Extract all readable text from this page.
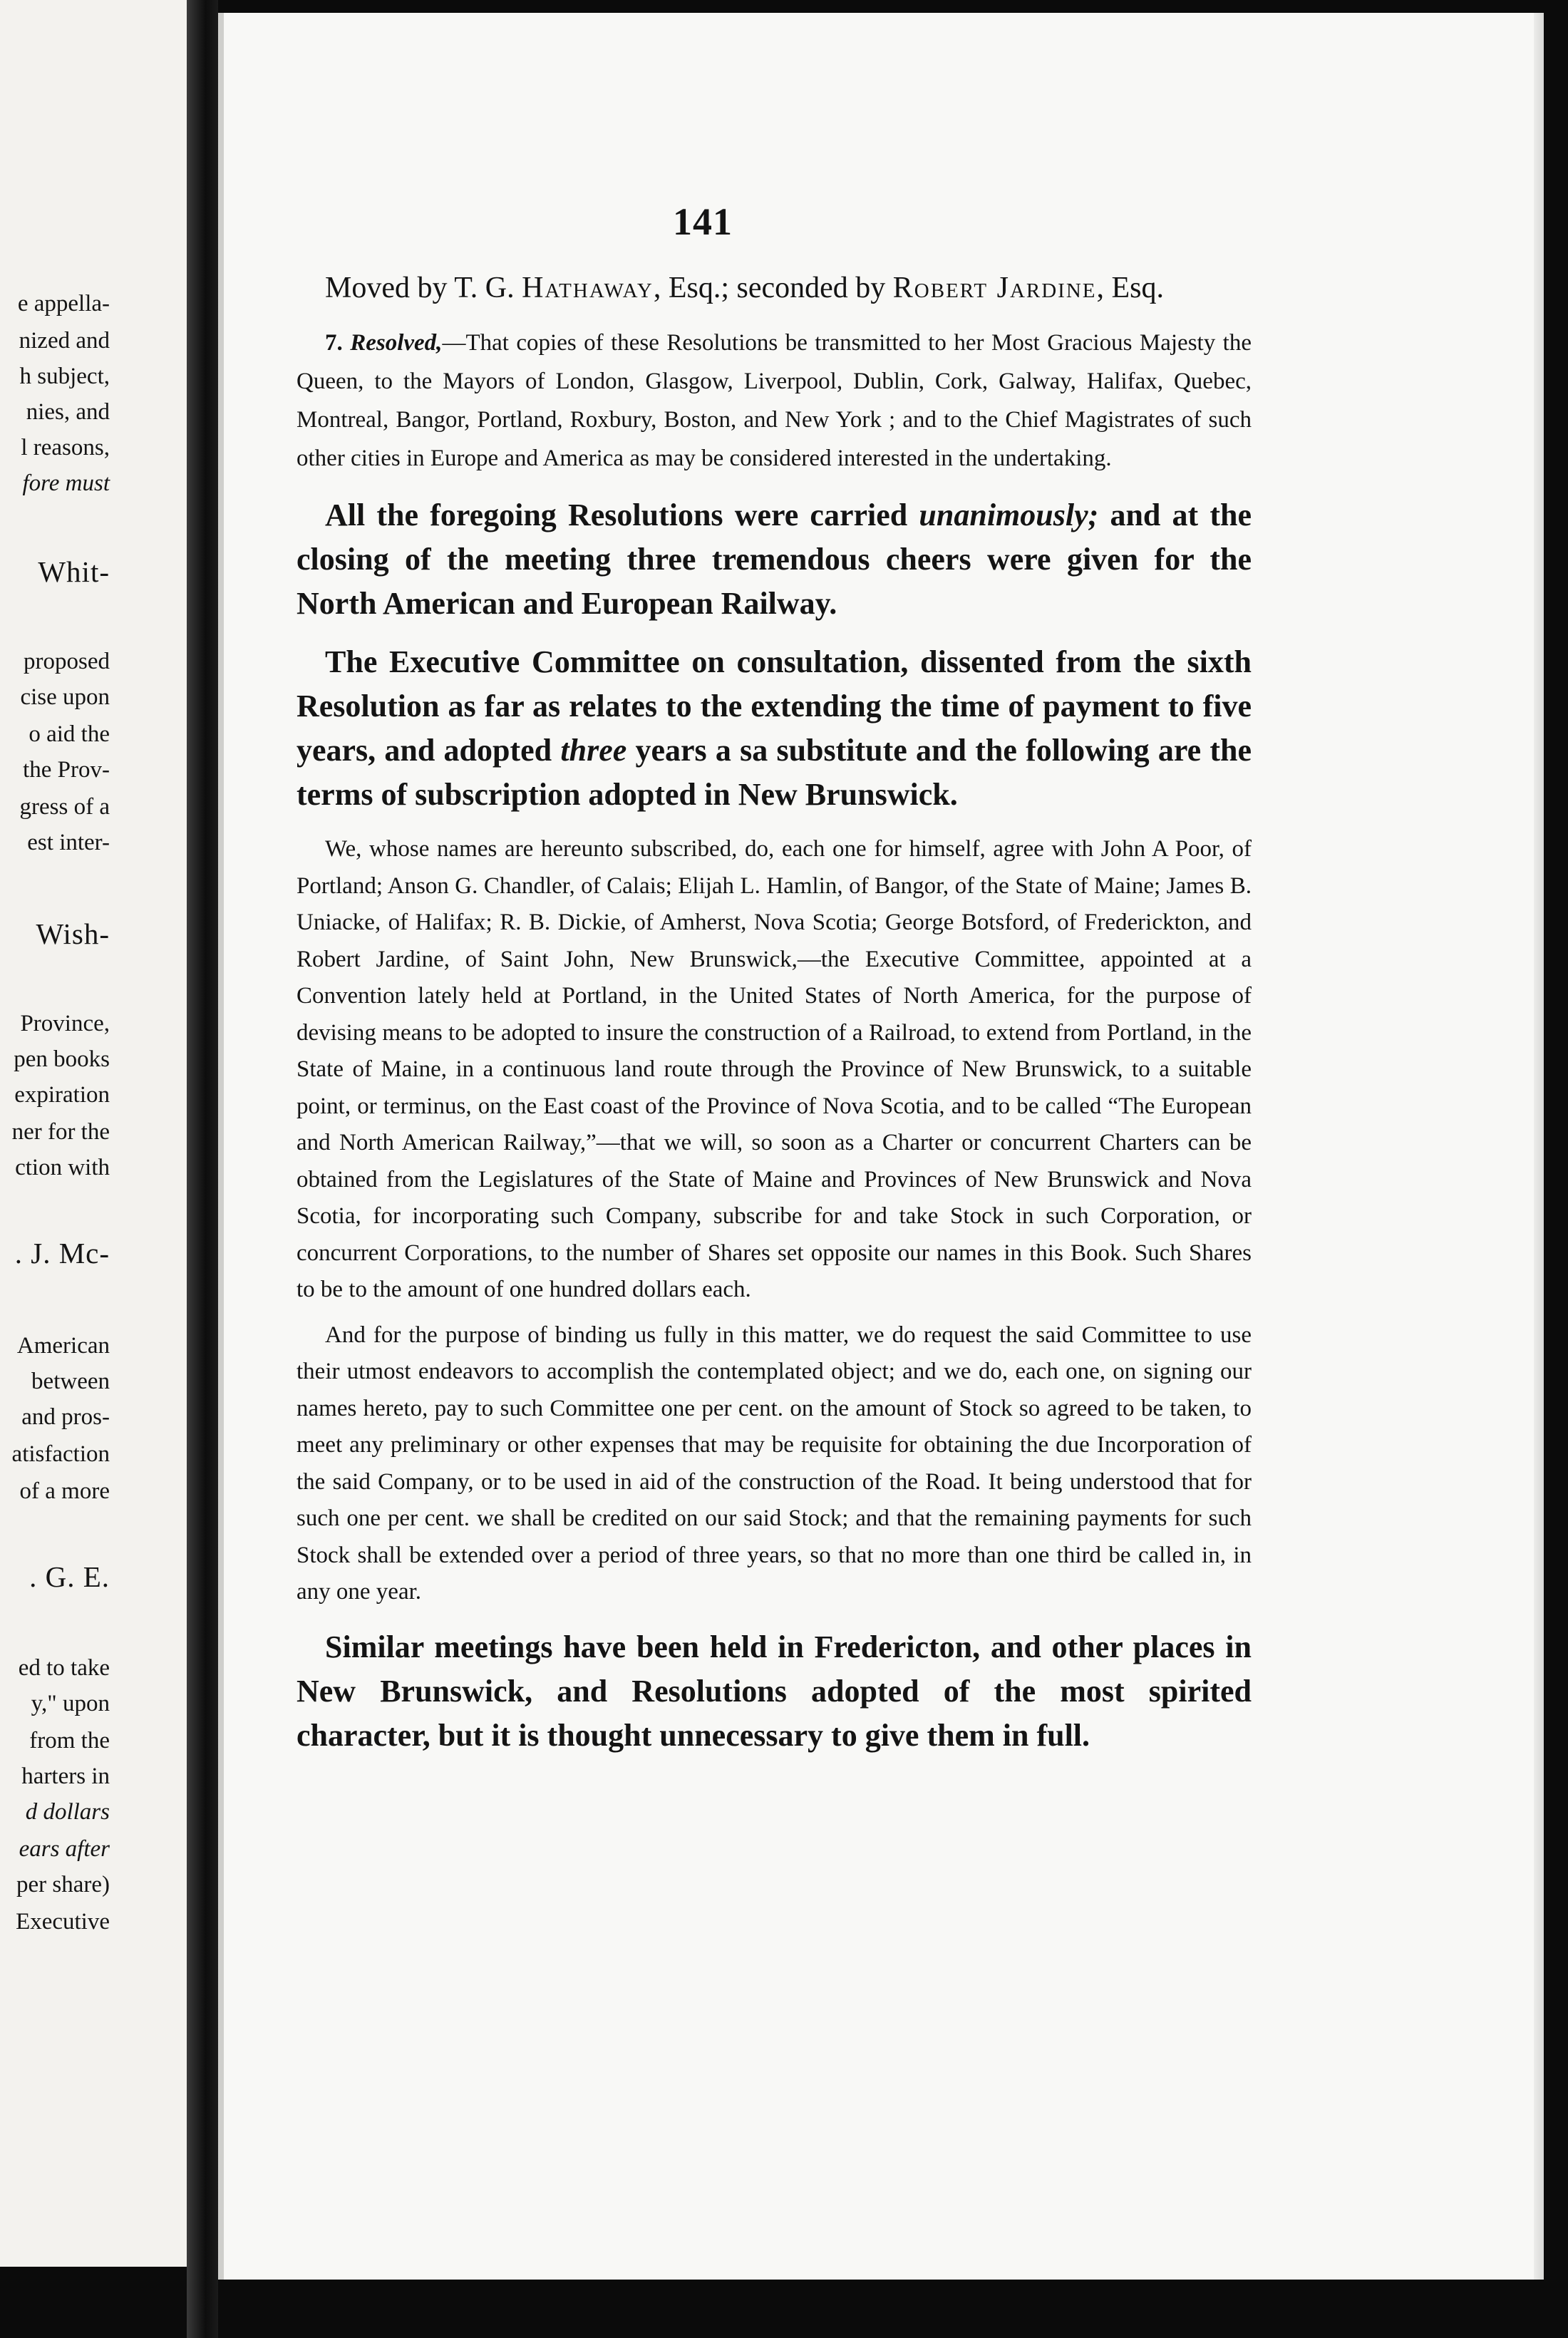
e appella-
nized and
h subject,
nies, and
l reasons,
fore must
Whit-
proposed
cise upon
o aid the
the Prov-
gress of a
est inter-
Wish-
Province,
pen books
expiration
ner for the
ction with
. J. Mc-
American
between
and pros-
atisfaction
of a more
. G. E.
ed to take
y," upon
from the
harters in
d dollars
ears after
per share)
Executive
141

Moved by T. G. Hathaway, Esq.; seconded by Robert Jardine, Esq.

7. Resolved,—That copies of these Resolutions be transmitted to her Most Gracious Majesty the Queen, to the Mayors of London, Glasgow, Liverpool, Dublin, Cork, Galway, Halifax, Quebec, Montreal, Bangor, Portland, Roxbury, Boston, and New York ; and to the Chief Magistrates of such other cities in Europe and America as may be considered interested in the undertaking.

All the foregoing Resolutions were carried unanimously; and at the closing of the meeting three tremendous cheers were given for the North American and European Railway.

The Executive Committee on consultation, dissented from the sixth Resolution as far as relates to the extending the time of payment to five years, and adopted three years a sa substitute and the following are the terms of subscription adopted in New Brunswick.

We, whose names are hereunto subscribed, do, each one for himself, agree with John A Poor, of Portland; Anson G. Chandler, of Calais; Elijah L. Hamlin, of Bangor, of the State of Maine; James B. Uniacke, of Halifax; R. B. Dickie, of Amherst, Nova Scotia; George Botsford, of Frederickton, and Robert Jardine, of Saint John, New Brunswick,—the Executive Committee, appointed at a Convention lately held at Portland, in the United States of North America, for the purpose of devising means to be adopted to insure the construction of a Railroad, to extend from Portland, in the State of Maine, in a continuous land route through the Province of New Brunswick, to a suitable point, or terminus, on the East coast of the Province of Nova Scotia, and to be called “The European and North American Railway,”—that we will, so soon as a Charter or concurrent Charters can be obtained from the Legislatures of the State of Maine and Provinces of New Brunswick and Nova Scotia, for incorporating such Company, subscribe for and take Stock in such Corporation, or concurrent Corporations, to the number of Shares set opposite our names in this Book. Such Shares to be to the amount of one hundred dollars each.

And for the purpose of binding us fully in this matter, we do request the said Committee to use their utmost endeavors to accomplish the contemplated object; and we do, each one, on signing our names hereto, pay to such Committee one per cent. on the amount of Stock so agreed to be taken, to meet any preliminary or other expenses that may be requisite for obtaining the due Incorporation of the said Company, or to be used in aid of the construction of the Road. It being understood that for such one per cent. we shall be credited on our said Stock; and that the remaining payments for such Stock shall be extended over a period of three years, so that no more than one third be called in, in any one year.

Similar meetings have been held in Fredericton, and other places in New Brunswick, and Resolutions adopted of the most spirited character, but it is thought unnecessary to give them in full.
